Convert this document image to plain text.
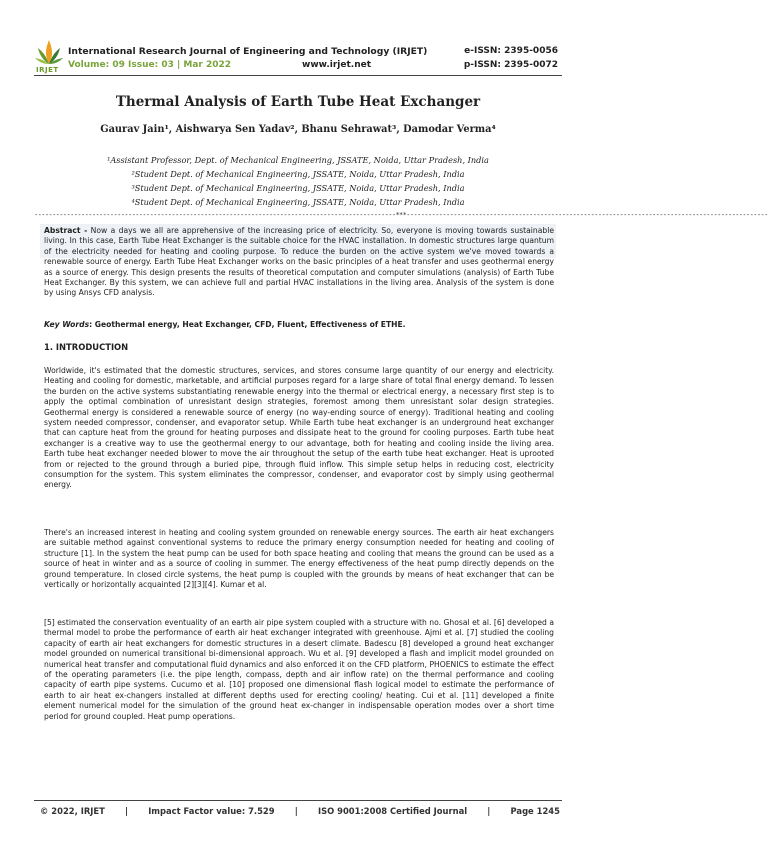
IRJET
International Research Journal of Engineering and Technology (IRJET)
Volume: 09 Issue: 03 | Mar 2022	www.irjet.net
e-ISSN: 2395-0056
p-ISSN: 2395-0072
Thermal Analysis of Earth Tube Heat Exchanger
Gaurav Jain¹, Aishwarya Sen Yadav², Bhanu Sehrawat³, Damodar Verma⁴
¹Assistant Professor, Dept. of Mechanical Engineering, JSSATE, Noida, Uttar Pradesh, India
²Student Dept. of Mechanical Engineering, JSSATE, Noida, Uttar Pradesh, India
³Student Dept. of Mechanical Engineering, JSSATE, Noida, Uttar Pradesh, India
⁴Student Dept. of Mechanical Engineering, JSSATE, Noida, Uttar Pradesh, India
----------------------------------------------------------------------------------------------------***----------------------------------------------------------------------------------------------------
Abstract - Now a days we all are apprehensive of the increasing price of electricity. So, everyone is moving towards sustainable living. In this case, Earth Tube Heat Exchanger is the suitable choice for the HVAC installation. In domestic structures large quantum of the electricity needed for heating and cooling purpose. To reduce the burden on the active system we've moved towards a renewable source of energy. Earth Tube Heat Exchanger works on the basic principles of a heat transfer and uses geothermal energy as a source of energy. This design presents the results of theoretical computation and computer simulations (analysis) of Earth Tube Heat Exchanger. By this system, we can achieve full and partial HVAC installations in the living area. Analysis of the system is done by using Ansys CFD analysis.
Key Words: Geothermal energy, Heat Exchanger, CFD, Fluent, Effectiveness of ETHE.
1. INTRODUCTION
Worldwide, it's estimated that the domestic structures, services, and stores consume large quantity of our energy and electricity. Heating and cooling for domestic, marketable, and artificial purposes regard for a large share of total final energy demand. To lessen the burden on the active systems substantiating renewable energy into the thermal or electrical energy, a necessary first step is to apply the optimal combination of unresistant design strategies, foremost among them unresistant solar design strategies. Geothermal energy is considered a renewable source of energy (no way-ending source of energy). Traditional heating and cooling system needed compressor, condenser, and evaporator setup. While Earth tube heat exchanger is an underground heat exchanger that can capture heat from the ground for heating purposes and dissipate heat to the ground for cooling purposes. Earth tube heat exchanger is a creative way to use the geothermal energy to our advantage, both for heating and cooling inside the living area. Earth tube heat exchanger needed blower to move the air throughout the setup of the earth tube heat exchanger. Heat is uprooted from or rejected to the ground through a buried pipe, through fluid inflow. This simple setup helps in reducing cost, electricity consumption for the system. This system eliminates the compressor, condenser, and evaporator cost by simply using geothermal energy.
There's an increased interest in heating and cooling system grounded on renewable energy sources. The earth air heat exchangers are suitable method against conventional systems to reduce the primary energy consumption needed for heating and cooling of structure [1]. In the system the heat pump can be used for both space heating and cooling that means the ground can be used as a source of heat in winter and as a source of cooling in summer. The energy effectiveness of the heat pump directly depends on the ground temperature. In closed circle systems, the heat pump is coupled with the grounds by means of heat exchanger that can be vertically or horizontally acquainted [2][3][4]. Kumar et al.
[5] estimated the conservation eventuality of an earth air pipe system coupled with a structure with no. Ghosal et al. [6] developed a thermal model to probe the performance of earth air heat exchanger integrated with greenhouse. Ajmi et al. [7] studied the cooling capacity of earth air heat exchangers for domestic structures in a desert climate. Badescu [8] developed a ground heat exchanger model grounded on numerical transitional bi-dimensional approach. Wu et al. [9] developed a flash and implicit model grounded on numerical heat transfer and computational fluid dynamics and also enforced it on the CFD platform, PHOENICS to estimate the effect of the operating parameters (i.e. the pipe length, compass, depth and air inflow rate) on the thermal performance and cooling capacity of earth pipe systems. Cucumo et al. [10] proposed one dimensional flash logical model to estimate the performance of earth to air heat ex-changers installed at different depths used for erecting cooling/ heating. Cui et al. [11] developed a finite element numerical model for the simulation of the ground heat ex-changer in indispensable operation modes over a short time period for ground coupled. Heat pump operations.
© 2022, IRJET | Impact Factor value: 7.529 | ISO 9001:2008 Certified Journal | Page 1245
